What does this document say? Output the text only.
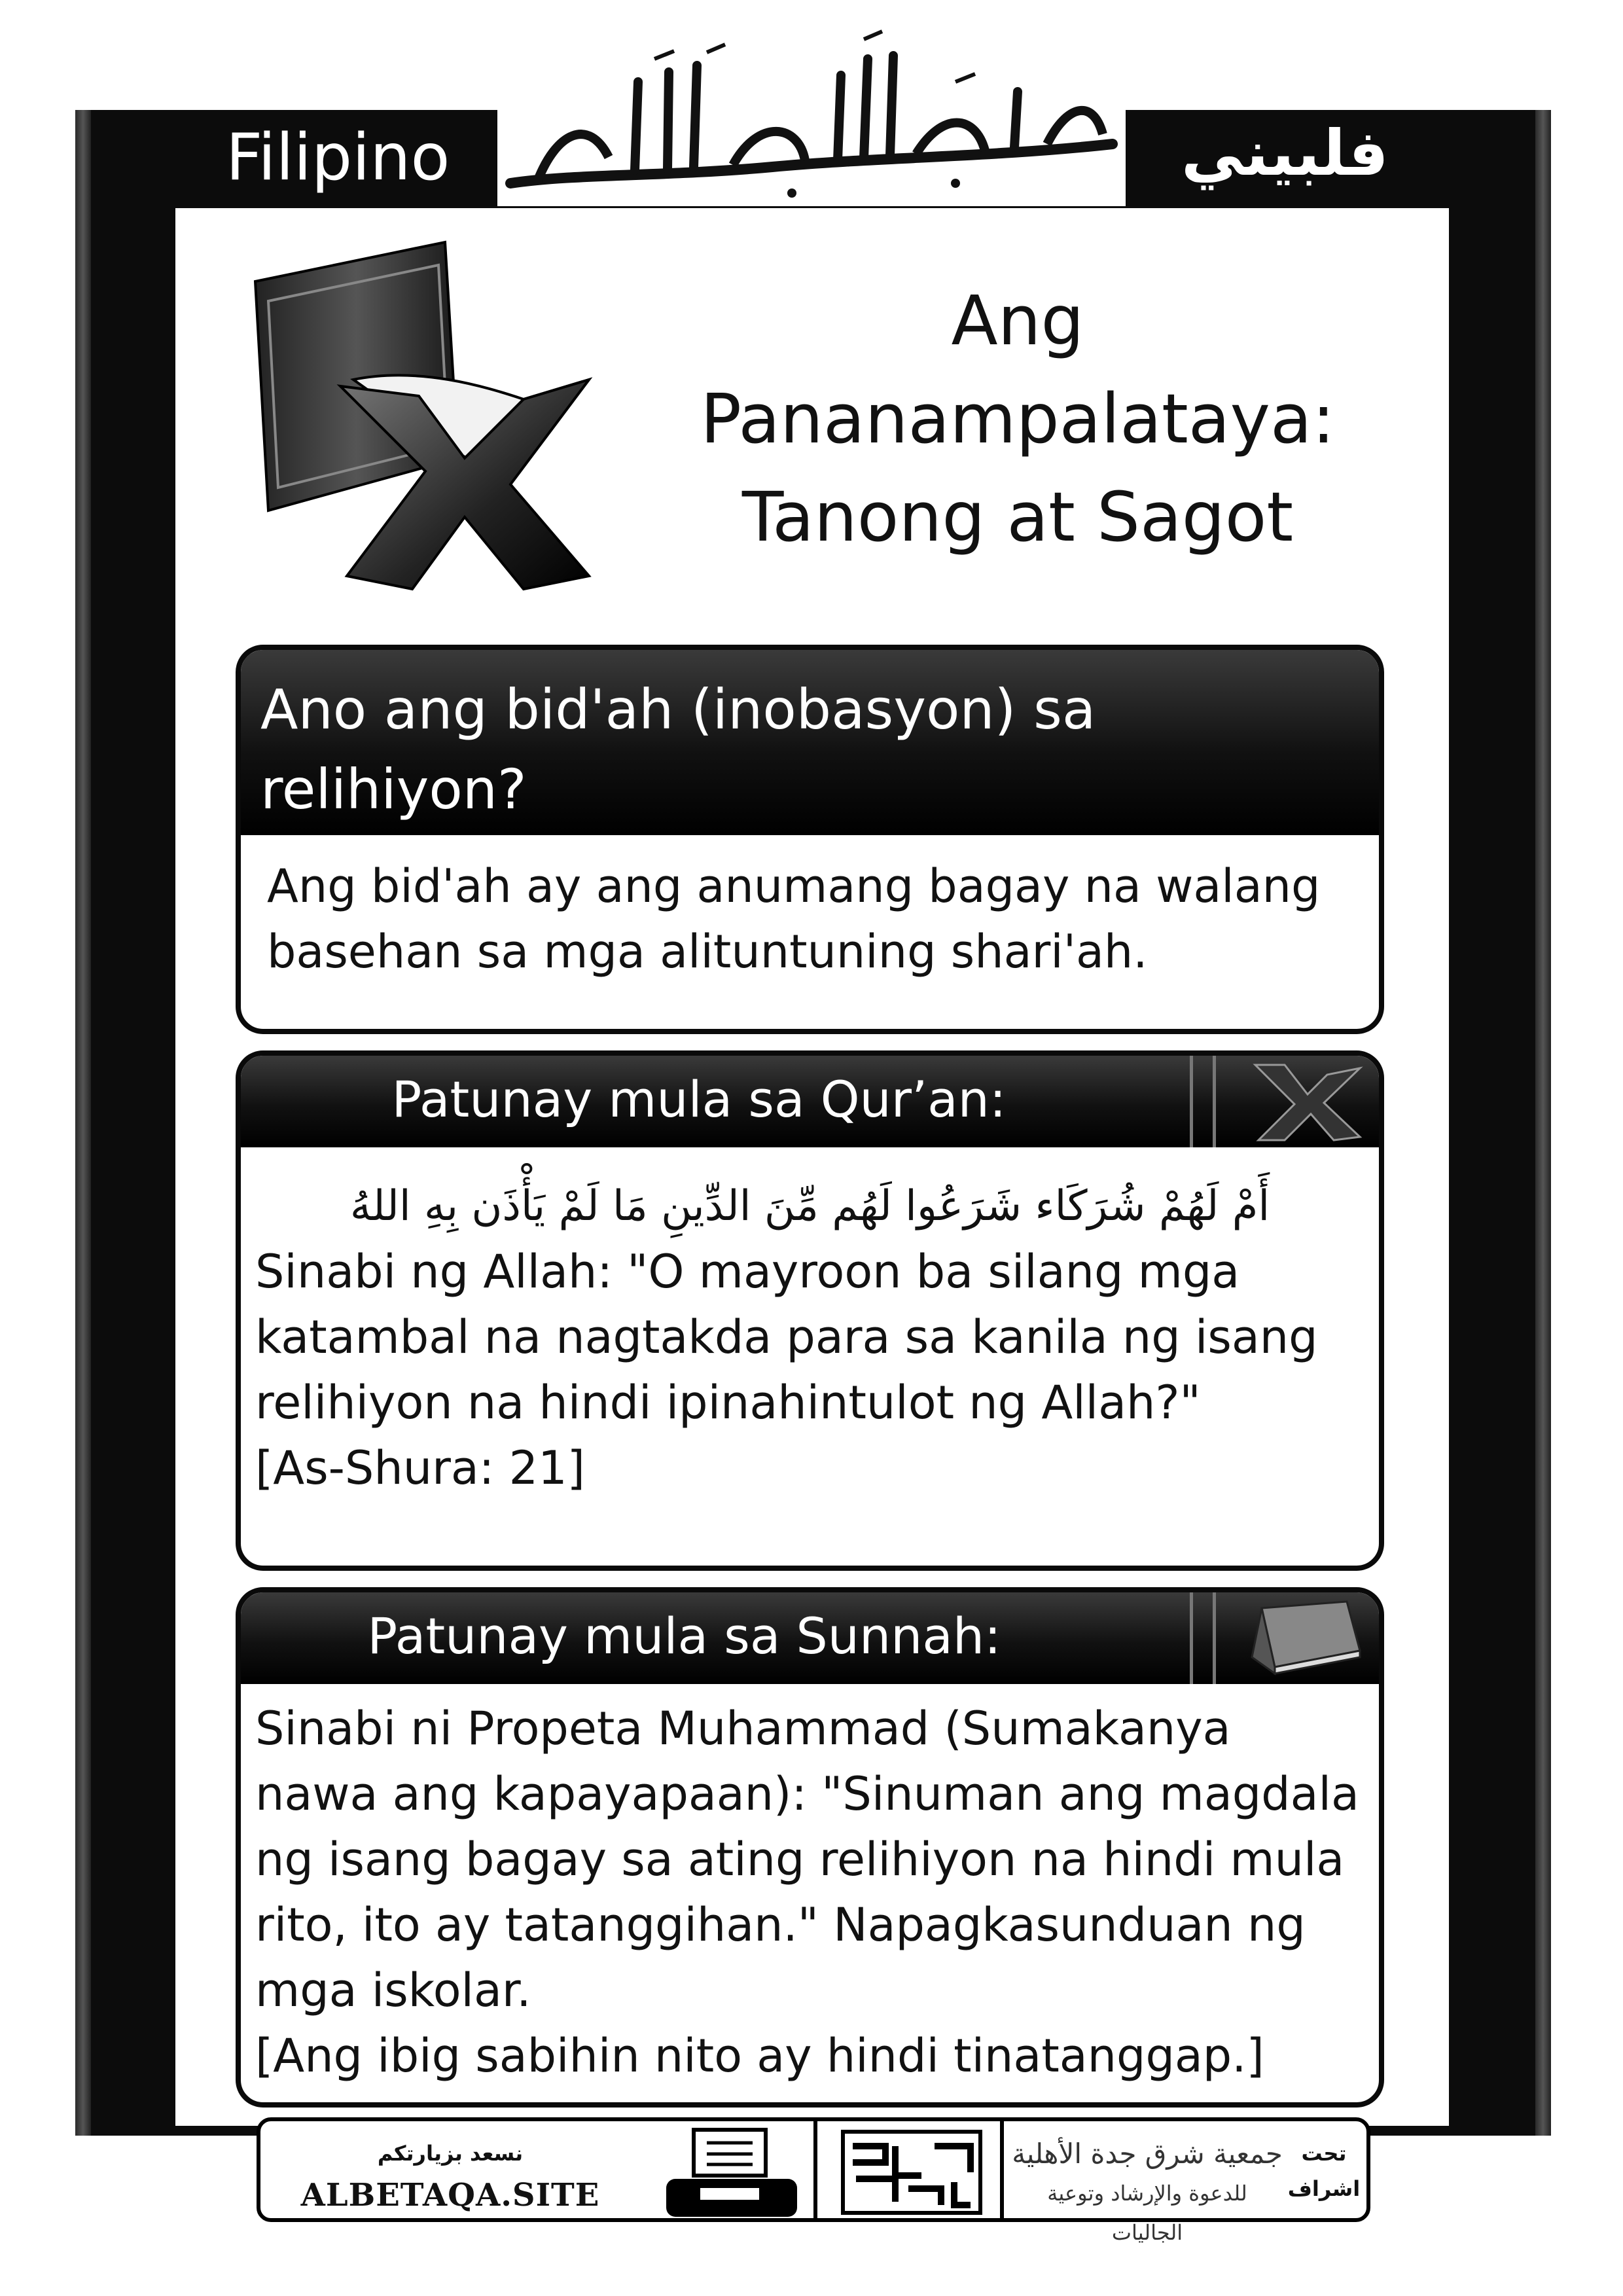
Filipino	فلبيني
Ang
Pananampalataya:
Tanong at Sagot
Ano ang bid'ah (inobasyon) sa relihiyon?
Ang bid'ah ay ang anumang bagay na walang basehan sa mga alituntuning shari'ah.
Patunay mula sa Qur’an:
أَمْ لَهُمْ شُرَكَاء شَرَعُوا لَهُم مِّنَ الدِّينِ مَا لَمْ يَأْذَن بِهِ اللهُ
Sinabi ng Allah: "O mayroon ba silang mga katambal na nagtakda para sa kanila ng isang relihiyon na hindi ipinahintulot ng Allah?"
[As-Shura: 21]
Patunay mula sa Sunnah:
Sinabi ni Propeta Muhammad (Sumakanya nawa ang kapayapaan): "Sinuman ang magdala ng isang bagay sa ating relihiyon na hindi mula rito, ito ay tatanggihan." Napagkasunduan ng mga iskolar.
[Ang ibig sabihin nito ay hindi tinatanggap.]
نسعد بزيارتكم
ALBETAQA.SITE
جمعية شرق جدة الأهلية
للدعوة والإرشاد وتوعية الجاليات
تحت
اشراف
